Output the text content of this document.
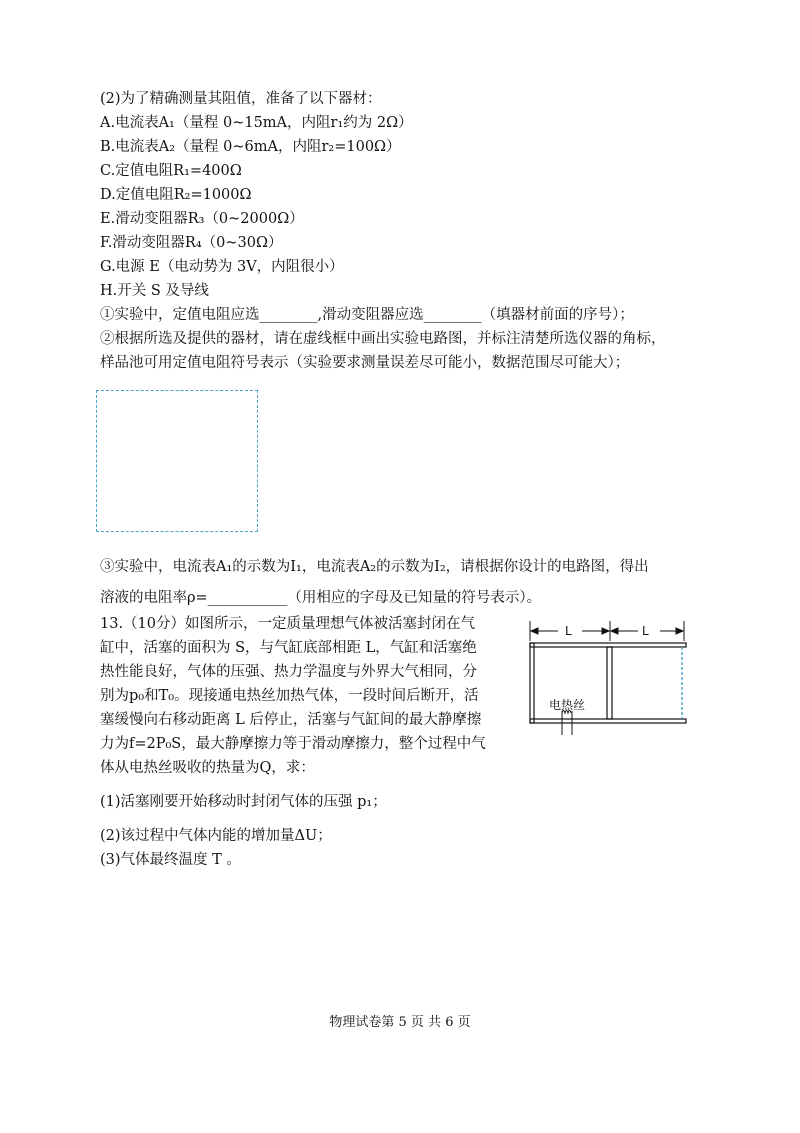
(2)为了精确测量其阻值，准备了以下器材：
A.电流表A₁（量程 0~15mA，内阻r₁约为 2Ω）
B.电流表A₂（量程 0~6mA，内阻r₂=100Ω）
C.定值电阻R₁=400Ω
D.定值电阻R₂=1000Ω
E.滑动变阻器R₃（0~2000Ω）
F.滑动变阻器R₄（0~30Ω）
G.电源 E（电动势为 3V，内阻很小）
H.开关 S 及导线
①实验中，定值电阻应选________,滑动变阻器应选________（填器材前面的序号）；
②根据所选及提供的器材，请在虚线框中画出实验电路图，并标注清楚所选仪器的角标，
样品池可用定值电阻符号表示（实验要求测量误差尽可能小，数据范围尽可能大）；
③实验中，电流表A₁的示数为I₁，电流表A₂的示数为I₂，请根据你设计的电路图，得出
溶液的电阻率ρ=___________（用相应的字母及已知量的符号表示）。
13.（10分）如图所示，一定质量理想气体被活塞封闭在气
缸中，活塞的面积为 S，与气缸底部相距 L，气缸和活塞绝
热性能良好，气体的压强、热力学温度与外界大气相同，分
别为p₀和T₀。现接通电热丝加热气体，一段时间后断开，活
塞缓慢向右移动距离 L 后停止，活塞与气缸间的最大静摩擦
力为f=2P₀S，最大静摩擦力等于滑动摩擦力，整个过程中气
体从电热丝吸收的热量为Q，求：
(1)活塞刚要开始移动时封闭气体的压强 p₁；
(2)该过程中气体内能的增加量ΔU；
(3)气体最终温度 T 。
L	L
电热丝
物理试卷第 5 页 共 6 页
